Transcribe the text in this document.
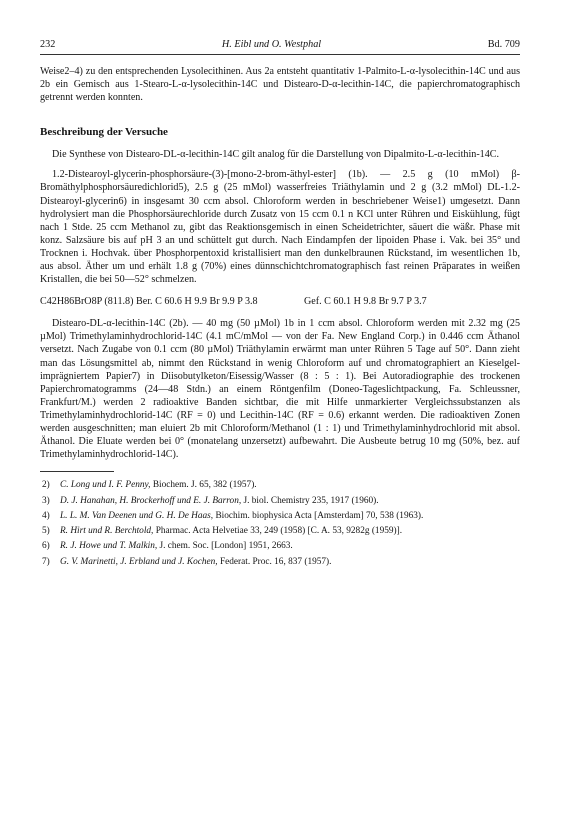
232	H. Eibl und O. Westphal	Bd. 709

Weise2–4) zu den entsprechenden Lysolecithinen. Aus 2a entsteht quantitativ 1-Palmito-L-α-lysolecithin-14C und aus 2b ein Gemisch aus 1-Stearo-L-α-lysolecithin-14C und Distearo-D-α-lecithin-14C, die papierchromatographisch getrennt werden konnten.

Beschreibung der Versuche

Die Synthese von Distearo-DL-α-lecithin-14C gilt analog für die Darstellung von Dipalmito-L-α-lecithin-14C.

1.2-Distearoyl-glycerin-phosphorsäure-(3)-[mono-2-brom-äthyl-ester] (1b). — 2.5 g (10 mMol) β-Bromäthylphosphorsäuredichlorid5), 2.5 g (25 mMol) wasserfreies Triäthylamin und 2 g (3.2 mMol) DL-1.2-Distearoyl-glycerin6) in insgesamt 30 ccm absol. Chloroform werden in beschriebener Weise1) umgesetzt. Dann hydrolysiert man die Phosphorsäurechloride durch Zusatz von 15 ccm 0.1 n KCl unter Rühren und Eiskühlung, fügt nach 1 Stde. 25 ccm Methanol zu, gibt das Reaktionsgemisch in einen Scheidetrichter, säuert die wäßr. Phase mit konz. Salzsäure bis auf pH 3 an und schüttelt gut durch. Nach Eindampfen der lipoiden Phase i. Vak. bei 35° und Trocknen i. Hochvak. über Phosphorpentoxid kristallisiert man den dunkelbraunen Rückstand, im wesentlichen 1b, aus absol. Äther um und erhält 1.8 g (70%) eines dünnschichtchromatographisch fast reinen Präparates in weißen Kristallen, die bei 50—52° schmelzen.

C42H86BrO8P (811.8) Ber. C 60.6 H 9.9 Br 9.9 P 3.8	Gef. C 60.1 H 9.8 Br 9.7 P 3.7

Distearo-DL-α-lecithin-14C (2b). — 40 mg (50 µMol) 1b in 1 ccm absol. Chloroform werden mit 2.32 mg (25 µMol) Trimethylaminhydrochlorid-14C (4.1 mC/mMol — von der Fa. New England Corp.) in 0.446 ccm Äthanol versetzt. Nach Zugabe von 0.1 ccm (80 µMol) Triäthylamin erwärmt man unter Rühren 5 Tage auf 50°. Dann zieht man das Lösungsmittel ab, nimmt den Rückstand in wenig Chloroform auf und chromatographiert an Kieselgel-imprägniertem Papier7) in Diisobutylketon/Eisessig/Wasser (8 : 5 : 1). Bei Autoradiographie des trockenen Papierchromatogramms (24—48 Stdn.) an einem Röntgenfilm (Doneo-Tageslichtpackung, Fa. Schleussner, Frankfurt/M.) werden 2 radioaktive Banden sichtbar, die mit Hilfe unmarkierter Vergleichssubstanzen als Trimethylaminhydrochlorid-14C (RF = 0) und Lecithin-14C (RF = 0.6) erkannt werden. Die radioaktiven Zonen werden ausgeschnitten; man eluiert 2b mit Chloroform/Methanol (1 : 1) und Trimethylaminhydrochlorid mit absol. Äthanol. Die Eluate werden bei 0° (monatelang unzersetzt) aufbewahrt. Die Ausbeute betrug 10 mg (50%, bez. auf Trimethylaminhydrochlorid-14C).

2)	C. Long und I. F. Penny, Biochem. J. 65, 382 (1957).
3)	D. J. Hanahan, H. Brockerhoff und E. J. Barron, J. biol. Chemistry 235, 1917 (1960).
4)	L. L. M. Van Deenen und G. H. De Haas, Biochim. biophysica Acta [Amsterdam] 70, 538 (1963).
5)	R. Hirt und R. Berchtold, Pharmac. Acta Helvetiae 33, 249 (1958) [C. A. 53, 9282g (1959)].
6)	R. J. Howe und T. Malkin, J. chem. Soc. [London] 1951, 2663.
7)	G. V. Marinetti, J. Erbland und J. Kochen, Federat. Proc. 16, 837 (1957).
